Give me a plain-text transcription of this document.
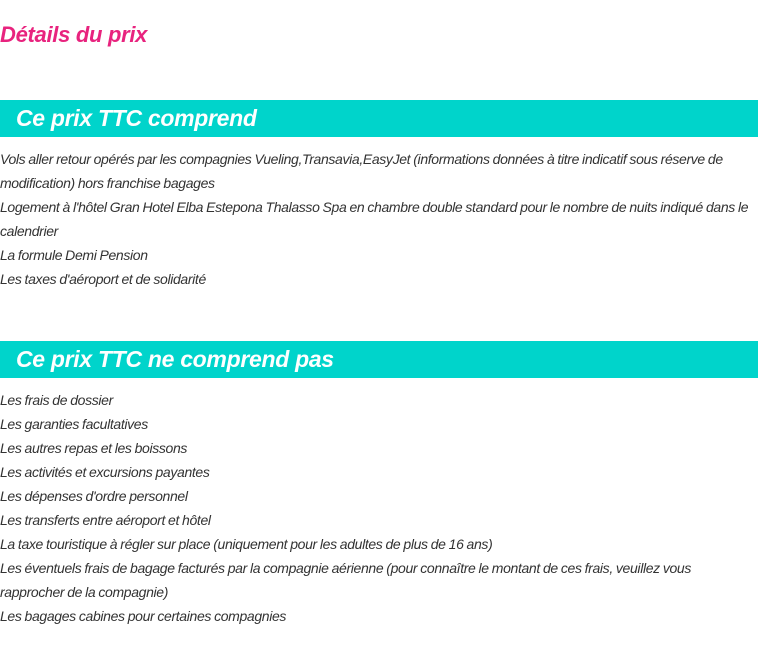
Détails du prix
Ce prix TTC comprend
Vols aller retour opérés par les compagnies Vueling,Transavia,EasyJet (informations données à titre indicatif sous réserve de modification) hors franchise bagages
Logement à l'hôtel Gran Hotel Elba Estepona Thalasso Spa en chambre double standard pour le nombre de nuits indiqué dans le calendrier
La formule Demi Pension
Les taxes d'aéroport et de solidarité
Ce prix TTC ne comprend pas
Les frais de dossier
Les garanties facultatives
Les autres repas et les boissons
Les activités et excursions payantes
Les dépenses d'ordre personnel
Les transferts entre aéroport et hôtel
La taxe touristique à régler sur place (uniquement pour les adultes de plus de 16 ans)
Les éventuels frais de bagage facturés par la compagnie aérienne (pour connaître le montant de ces frais, veuillez vous rapprocher de la compagnie)
Les bagages cabines pour certaines compagnies
